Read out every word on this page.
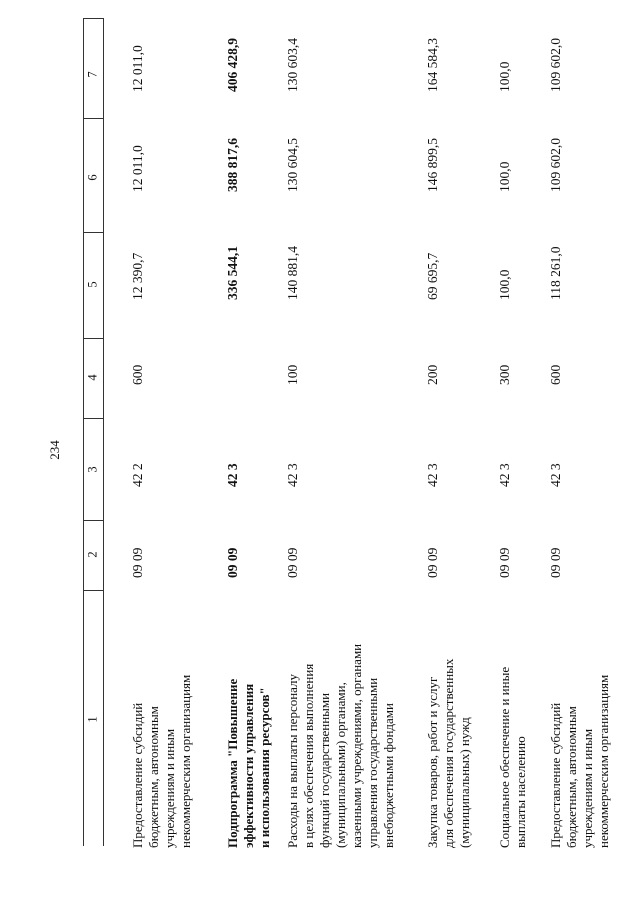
234
1
2
3
4
5
6
7
Предоставление субсидий бюджетным, автономным учреждениям и иным некоммерческим организациям
09 09
42 2
600
12 390,7
12 011,0
12 011,0
Подпрограмма "Повышение эффективности управления и использования ресурсов"
09 09
42 3
336 544,1
388 817,6
406 428,9
Расходы на выплаты персоналу в целях обеспечения выполнения функций государственными (муниципальными) органами, казенными учреждениями, органами управления государственными внебюджетными фондами
09 09
42 3
100
140 881,4
130 604,5
130 603,4
Закупка товаров, работ и услуг для обеспечения государственных (муниципальных) нужд
09 09
42 3
200
69 695,7
146 899,5
164 584,3
Социальное обеспечение и иные выплаты населению
09 09
42 3
300
100,0
100,0
100,0
Предоставление субсидий бюджетным, автономным учреждениям и иным некоммерческим организациям
09 09
42 3
600
118 261,0
109 602,0
109 602,0
